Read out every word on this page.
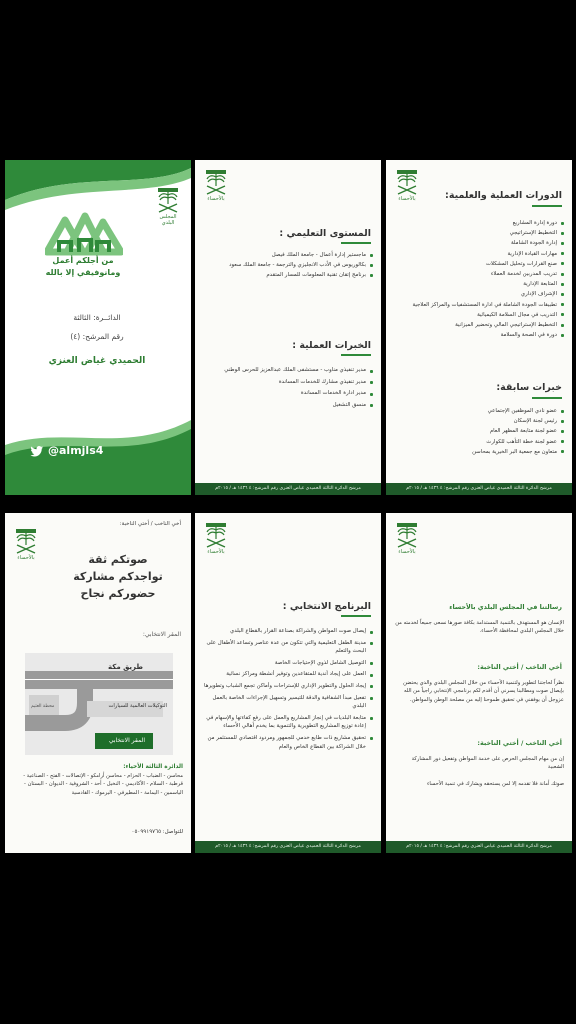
المجلس البلدي
من أجلكم أعمل
ومانوفيقي إلا بالله
الدائــرة: الثالثة
رقم المرشح: (٤)
الحميدي غياض العنزي
@almjls4
بالأحساء
المستوى التعليمي :
ماجستير إدارة أعمال - جامعة الملك فيصل
بكالوريوس في الأدب الانجليزي والترجمة - جامعة الملك سعود
برنامج إتقان تقنية المعلومات للمسار المتقدم
الخبرات العملية :
مدير تنفيذي مناوب - مستشفى الملك عبدالعزيز للحرس الوطني
مدير تنفيذي مشارك للخدمات المساندة
مدير ادارة الخدمات المساندة
منسق التشغيل
مرشح الدائرة الثالثة الحميدي غياض العنزي رقم المرشح: ٤ ١٤٣٦ هـ / ٢٠١٥م
بالأحساء	الدورات العملية والعلمية:
دورة إدارة المشاريع
التخطيط الإستراتيجي
إدارة الجودة الشاملة
مهارات القيادة الإدارية
صنع القرارات وتحليل المشكلات
تدريب المدربين لخدمة العملاء
المتابعة الإدارية
الإشراف الإداري
تطبيقات الجودة الشاملة في ادارة المستشفيات والمراكز العلاجية
التدريب في مجال السلامة الكيميائية
التخطيط الإستراتيجي المالي وتحضير الميزانية
دورة في الصحة والسلامة
خبرات سابقة:
عضو نادي الموظفين الإجتماعي
رئيس لجنة الإسكان
عضو لجنة متابعة المظهر العام
عضو لجنة خطة التأهب للكوارث
متعاون مع جمعية البر الخيرية بمحاسن
مرشح الدائرة الثالثة الحميدي غياض العنزي رقم المرشح: ٤ ١٤٣٦ هـ / ٢٠١٥م
أخي الناخب / أختي الناخبة:
بالأحساء	صوتكم ثقة
تواجدكم مشاركة
حضوركم نجاح
المقر الانتخابي:
طريق مكة
محطة العثيم	التوكيلات العالمية للسيارات
المقر الانتخابي
الدائرة الثالثة الأحياء:
محاسن - الضباب - الحزام - محاسن أرامكو - الإتصالات - الفتح - الصناعية - قرطبة - السلام - الأكاديمي - النخيل - أحد - الشروفية - الديوان - البستان - الياسمين - اليمامة - المطيرفي - اليرموك - القادسية
للتواصل: ٠٥٠٩٩١٩٧٦٥
بالأحساء
البرنامج الانتخابي :
إيصال صوت المواطن والشراكة بصناعة القرار بالقطاع البلدي
مدينة الطفل التعليمية والتي تتكون من عدة عناصر وتساعد الأطفال على البحث والتعلم
التوصيل الشامل لذوي الإحتياجات الخاصة
العمل على إيجاد أندية للمتقاعدين وتوفير أنشطة ومراكز نسائية
إيجاد الحلول والتطوير الإداري للإستراحات وأماكن تجمع الشباب وتطويرها
تفعيل مبدأ الشفافية والدقة للتيسير وتسهيل الإجراءات الخاصة بالعمل البلدي
متابعة البلديات في إنجاز المشاريع والعمل على رفع كفاءتها والإسهام في إعادة توزيع المشاريع التطويرية والتنموية بما يخدم أهالي الأحساء
تحقيق مشاريع ذات طابع خدمي للجمهور ومردود اقتصادي للمستثمر من خلال الشراكة بين القطاع الخاص والعام
مرشح الدائرة الثالثة الحميدي غياض العنزي رقم المرشح: ٤ ١٤٣٦ هـ / ٢٠١٥م
بالأحساء
رسالتنا في المجلس البلدي بالأحساء
الإنسان هو المستهدف بالتنمية المستدامة بكافة صورها نسعى جميعاً لخدمته من خلال المجلس البلدي لمحافظة الأحساء.
أخي الناخب / أختي الناخبة:
نظراً لحاجتنا لتطوير ولتنمية الأحساء من خلال المجلس البلدي والذي يحتضن بإيصال صوت ومطالبنا يسرني أن أقدم لكم برنامجي الإنتخابي راجياً من الله عزوجل أن يوفقني في تحقيق طموحنا إليه من مصلحة الوطن والمواطن.
أخي الناخب / أختي الناخبة:
إن من مهام المجلس الحرص على خدمة المواطن وتفعيل دور المشاركة الشعبية
صوتك أمانة فلا تقدمه إلا لمن يستحقه ويشارك في تنمية الأحساء
مرشح الدائرة الثالثة الحميدي غياض العنزي رقم المرشح: ٤ ١٤٣٦ هـ / ٢٠١٥م
